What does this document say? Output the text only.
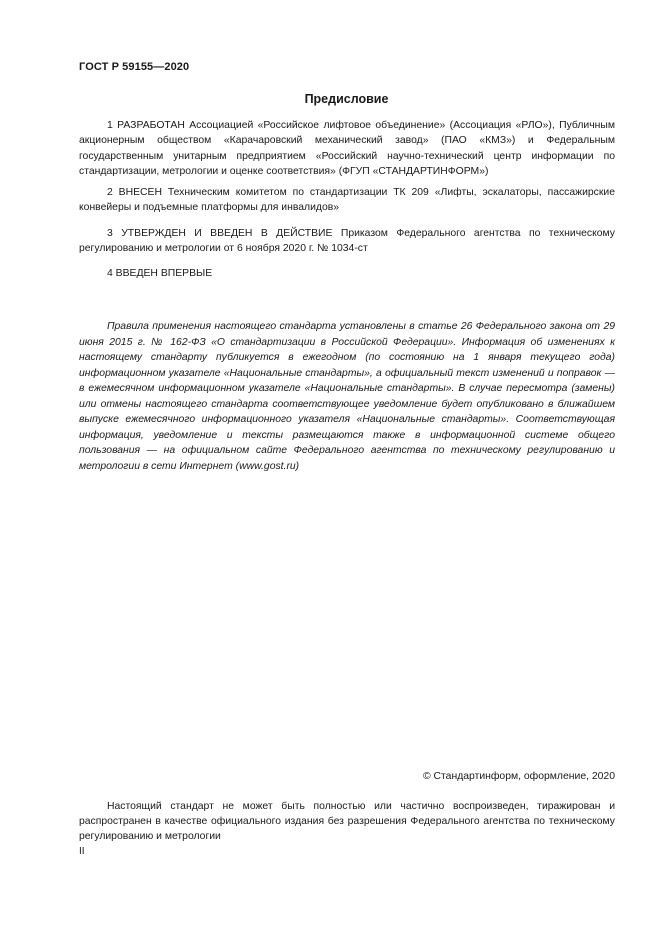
ГОСТ Р 59155—2020
Предисловие

1 РАЗРАБОТАН Ассоциацией «Российское лифтовое объединение» (Ассоциация «РЛО»), Публичным акционерным обществом «Карачаровский механический завод» (ПАО «КМЗ») и Федеральным государственным унитарным предприятием «Российский научно-технический центр информации по стандартизации, метрологии и оценке соответствия» (ФГУП «СТАНДАРТИНФОРМ»)

2 ВНЕСЕН Техническим комитетом по стандартизации ТК 209 «Лифты, эскалаторы, пассажирские конвейеры и подъемные платформы для инвалидов»

3 УТВЕРЖДЕН И ВВЕДЕН В ДЕЙСТВИЕ Приказом Федерального агентства по техническому регулированию и метрологии от 6 ноября 2020 г. № 1034-ст

4 ВВЕДЕН ВПЕРВЫЕ

Правила применения настоящего стандарта установлены в статье 26 Федерального закона от 29 июня 2015 г. № 162-ФЗ «О стандартизации в Российской Федерации». Информация об изменениях к настоящему стандарту публикуется в ежегодном (по состоянию на 1 января текущего года) информационном указателе «Национальные стандарты», а официальный текст изменений и поправок — в ежемесячном информационном указателе «Национальные стандарты». В случае пересмотра (замены) или отмены настоящего стандарта соответствующее уведомление будет опубликовано в ближайшем выпуске ежемесячного информационного указателя «Национальные стандарты». Соответствующая информация, уведомление и тексты размещаются также в информационной системе общего пользования — на официальном сайте Федерального агентства по техническому регулированию и метрологии в сети Интернет (www.gost.ru)

© Стандартинформ, оформление, 2020

Настоящий стандарт не может быть полностью или частично воспроизведен, тиражирован и распространен в качестве официального издания без разрешения Федерального агентства по техническому регулированию и метрологии

II
